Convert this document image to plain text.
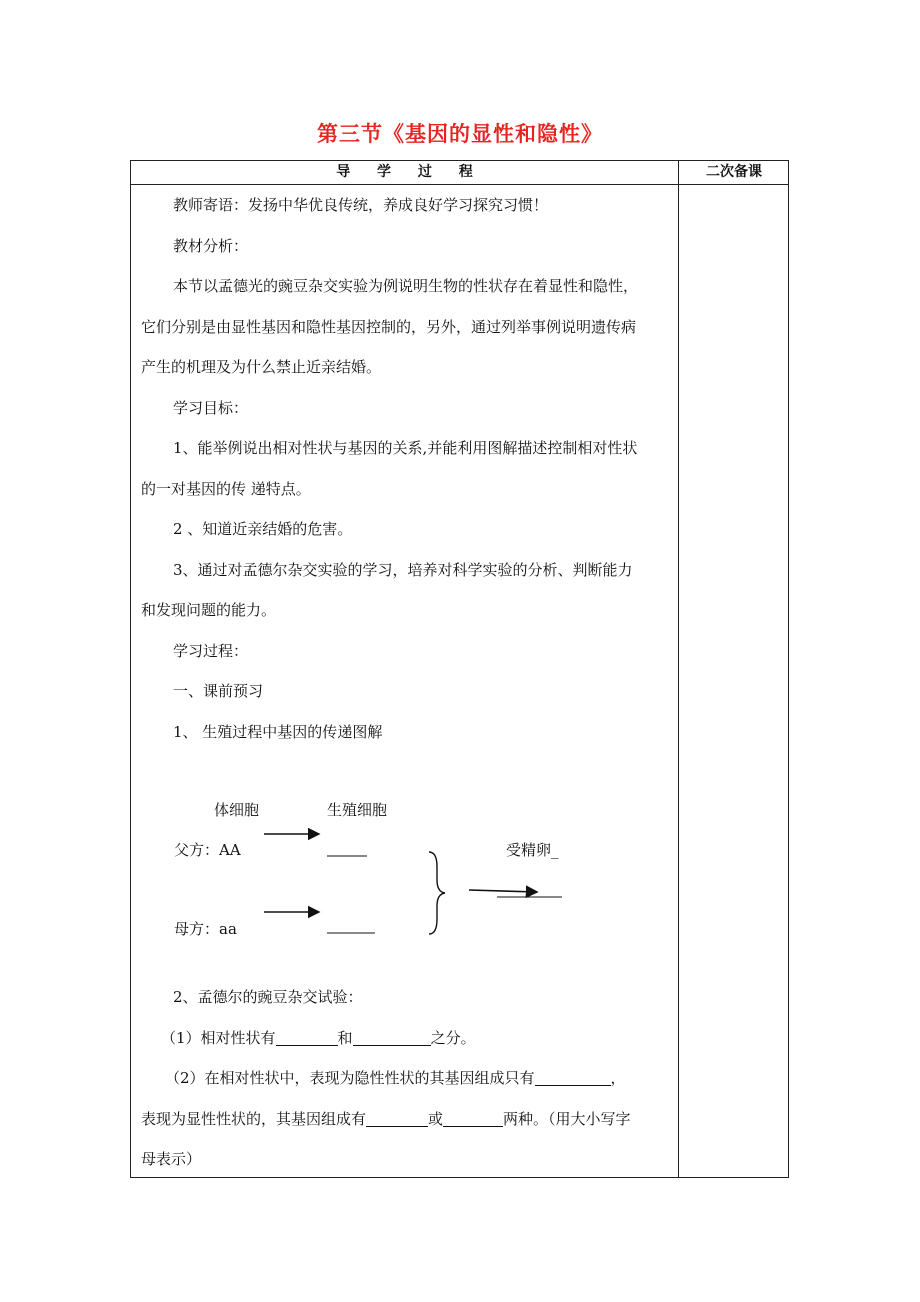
第三节《基因的显性和隐性》
导 学 过 程	二次备课

教师寄语：发扬中华优良传统，养成良好学习探究习惯！

教材分析：

本节以孟德光的豌豆杂交实验为例说明生物的性状存在着显性和隐性，

它们分别是由显性基因和隐性基因控制的，另外，通过列举事例说明遗传病

产生的机理及为什么禁止近亲结婚。

学习目标：

1、能举例说出相对性状与基因的关系,并能利用图解描述控制相对性状

的一对基因的传 递特点。

2 、知道近亲结婚的危害。

3、通过对孟德尔杂交实验的学习，培养对科学实验的分析、判断能力

和发现问题的能力。

学习过程：

一、课前预习

1、 生殖过程中基因的传递图解

体细胞	生殖细胞
父方：AA
母方：aa
受精卵_

2、孟德尔的豌豆杂交试验：

（1）相对性状有	和	之分。

（2）在相对性状中，表现为隐性性状的其基因组成只有	，

表现为显性性状的，其基因组成有	或	两种。（用大小写字

母表示）
